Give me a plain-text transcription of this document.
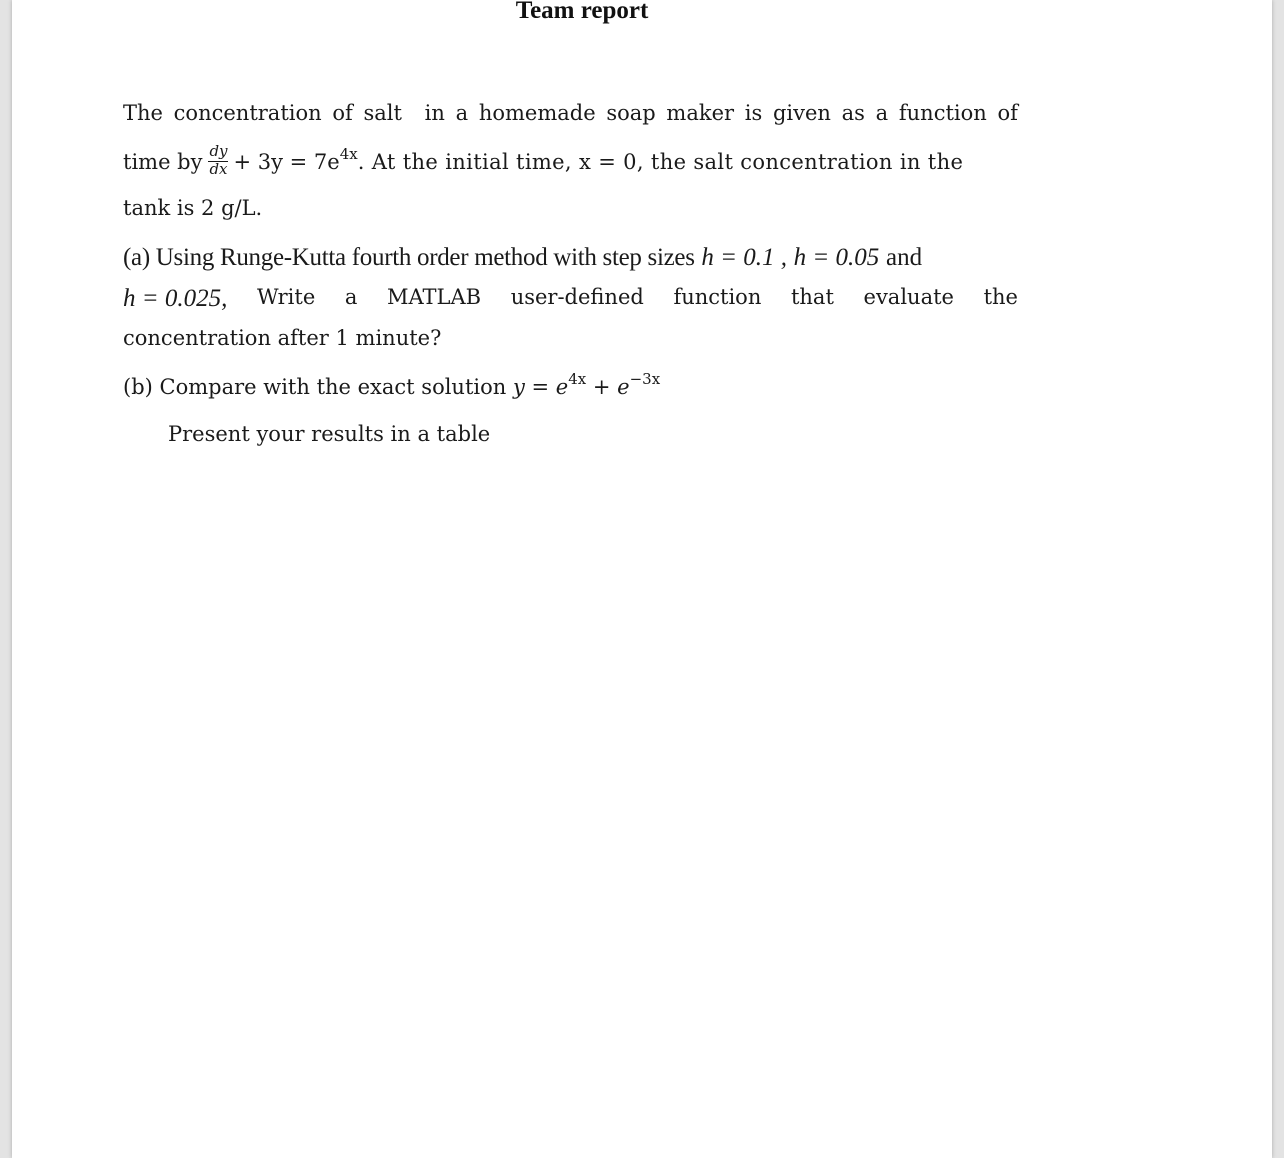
Team report
The concentration of salt in a homemade soap maker is given as a function of
time by $\frac{dy}{dx} + 3y = 7e^{4x}$. At the initial time, x = 0, the salt concentration in the
tank is 2 g/L.
(a) Using Runge-Kutta fourth order method with step sizes h = 0.1 , h = 0.05 and
h = 0.025, Write a MATLAB user-defined function that evaluate the
concentration after 1 minute?
(b) Compare with the exact solution $y = e^{4x} + e^{-3x}$
Present your results in a table
